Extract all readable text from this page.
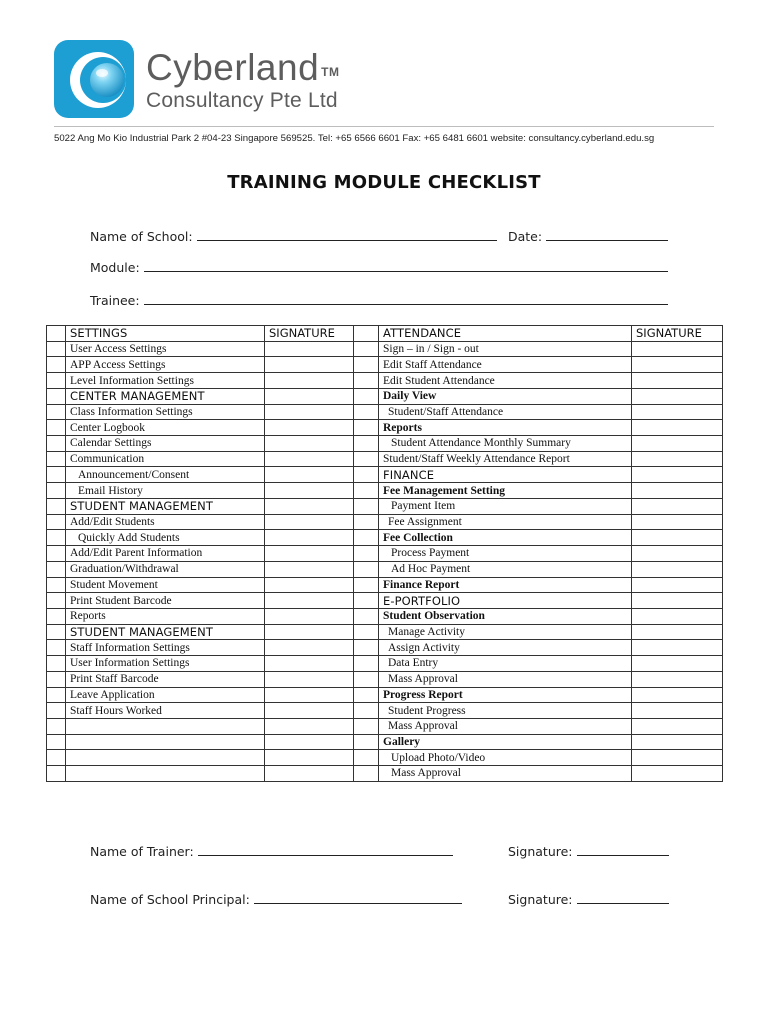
Cyberland ™
Consultancy Pte Ltd
5022 Ang Mo Kio Industrial Park 2 #04-23 Singapore 569525. Tel: +65 6566 6601 Fax: +65 6481 6601 website: consultancy.cyberland.edu.sg
TRAINING MODULE CHECKLIST
Name of School:	Date:
Module:
Trainee:
	SETTINGS	SIGNATURE		ATTENDANCE	SIGNATURE
	User Access Settings			Sign – in / Sign - out	
	APP Access Settings			Edit Staff Attendance	
	Level Information Settings			Edit Student Attendance	
	CENTER MANAGEMENT			Daily View	
	Class Information Settings			Student/Staff Attendance	
	Center Logbook			Reports	
	Calendar Settings			Student Attendance Monthly Summary	
	Communication			Student/Staff Weekly Attendance Report	
	Announcement/Consent			FINANCE	
	Email History			Fee Management Setting	
	STUDENT MANAGEMENT			Payment Item	
	Add/Edit Students			Fee Assignment	
	Quickly Add Students			Fee Collection	
	Add/Edit Parent Information			Process Payment	
	Graduation/Withdrawal			Ad Hoc Payment	
	Student Movement			Finance Report	
	Print Student Barcode			E-PORTFOLIO	
	Reports			Student Observation	
	STUDENT MANAGEMENT			Manage Activity	
	Staff Information Settings			Assign Activity	
	User Information Settings			Data Entry	
	Print Staff Barcode			Mass Approval	
	Leave Application			Progress Report	
	Staff Hours Worked			Student Progress	
				Mass Approval	
				Gallery	
				Upload Photo/Video	
				Mass Approval	
Name of Trainer:	Signature:
Name of School Principal:	Signature:
